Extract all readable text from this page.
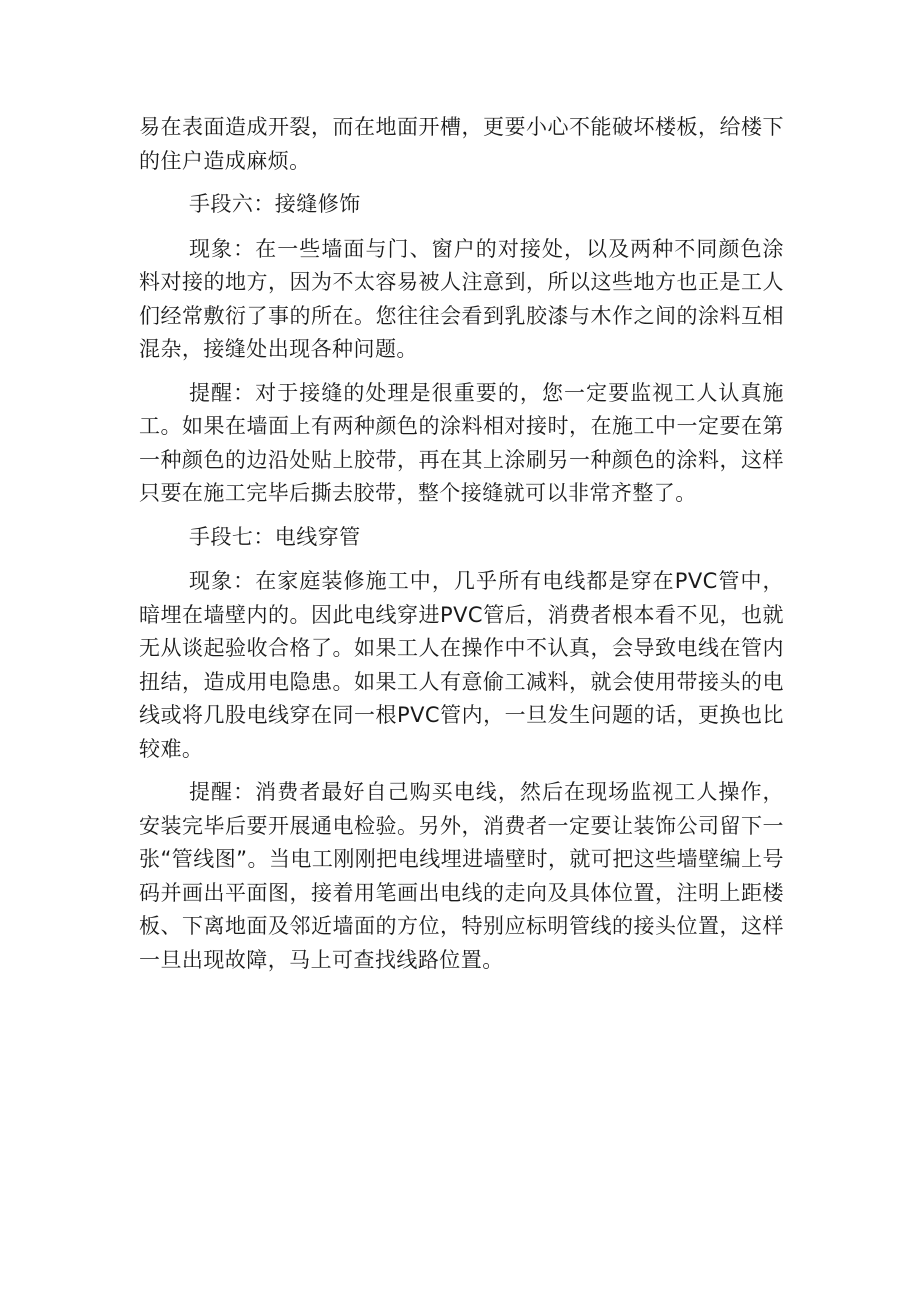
易在表面造成开裂，而在地面开槽，更要小心不能破坏楼板，给楼下的住户造成麻烦。

手段六：接缝修饰

现象：在一些墙面与门、窗户的对接处，以及两种不同颜色涂料对接的地方，因为不太容易被人注意到，所以这些地方也正是工人们经常敷衍了事的所在。您往往会看到乳胶漆与木作之间的涂料互相混杂，接缝处出现各种问题。

提醒：对于接缝的处理是很重要的，您一定要监视工人认真施工。如果在墙面上有两种颜色的涂料相对接时，在施工中一定要在第一种颜色的边沿处贴上胶带，再在其上涂刷另一种颜色的涂料，这样只要在施工完毕后撕去胶带，整个接缝就可以非常齐整了。

手段七：电线穿管

现象：在家庭装修施工中，几乎所有电线都是穿在PVC管中，暗埋在墙壁内的。因此电线穿进PVC管后，消费者根本看不见，也就无从谈起验收合格了。如果工人在操作中不认真，会导致电线在管内扭结，造成用电隐患。如果工人有意偷工减料，就会使用带接头的电线或将几股电线穿在同一根PVC管内，一旦发生问题的话，更换也比较难。

提醒：消费者最好自己购买电线，然后在现场监视工人操作，安装完毕后要开展通电检验。另外，消费者一定要让装饰公司留下一张“管线图”。当电工刚刚把电线埋进墙壁时，就可把这些墙壁编上号码并画出平面图，接着用笔画出电线的走向及具体位置，注明上距楼板、下离地面及邻近墙面的方位，特别应标明管线的接头位置，这样一旦出现故障，马上可查找线路位置。
